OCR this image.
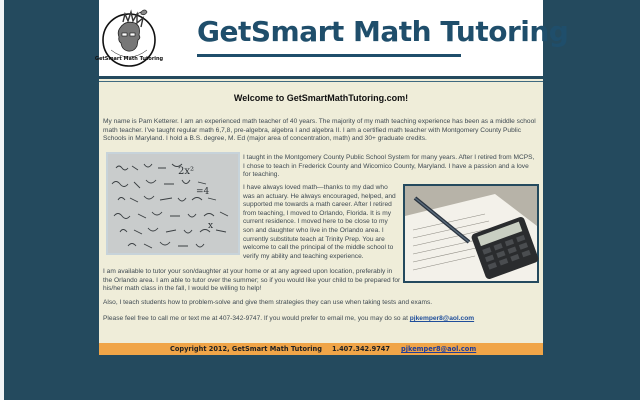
GetSmart Math Tutoring
GetSmart Math Tutoring
Welcome to GetSmartMathTutoring.com!
My name is Pam Ketterer. I am an experienced math teacher of 40 years. The majority of my math teaching experience has been as a middle school math teacher. I've taught regular math 6,7,8, pre-algebra, algebra I and algebra II. I am a certified math teacher with Montgomery County Public Schools in Maryland. I hold a B.S. degree, M. Ed (major area of concentration, math) and 30+ graduate credits.
2x²
=4
x
I taught in the Montgomery County Public School System for many years. After I retired from MCPS, I chose to teach in Frederick County and Wicomico County, Maryland. I have a passion and a love for teaching.
I have always loved math—thanks to my dad who was an actuary. He always encouraged, helped, and supported me towards a math career. After I retired from teaching, I moved to Orlando, Florida. It is my current residence. I moved here to be close to my son and daughter who live in the Orlando area. I currently substitute teach at Trinity Prep. You are welcome to call the principal of the middle school to verify my ability and teaching experience.
I am available to tutor your son/daughter at your home or at any agreed upon location, preferably in the Orlando area. I am able to tutor over the summer; so if you would like your child to be prepared for his/her math class in the fall, I would be willing to help!
Also, I teach students how to problem-solve and give them strategies they can use when taking tests and exams.
Please feel free to call me or text me at 407-342-9747. If you would prefer to email me, you may do so at pjkemper8@aol.com
Copyright 2012, GetSmart Math Tutoring 1.407.342.9747 pjkemper8@aol.com
